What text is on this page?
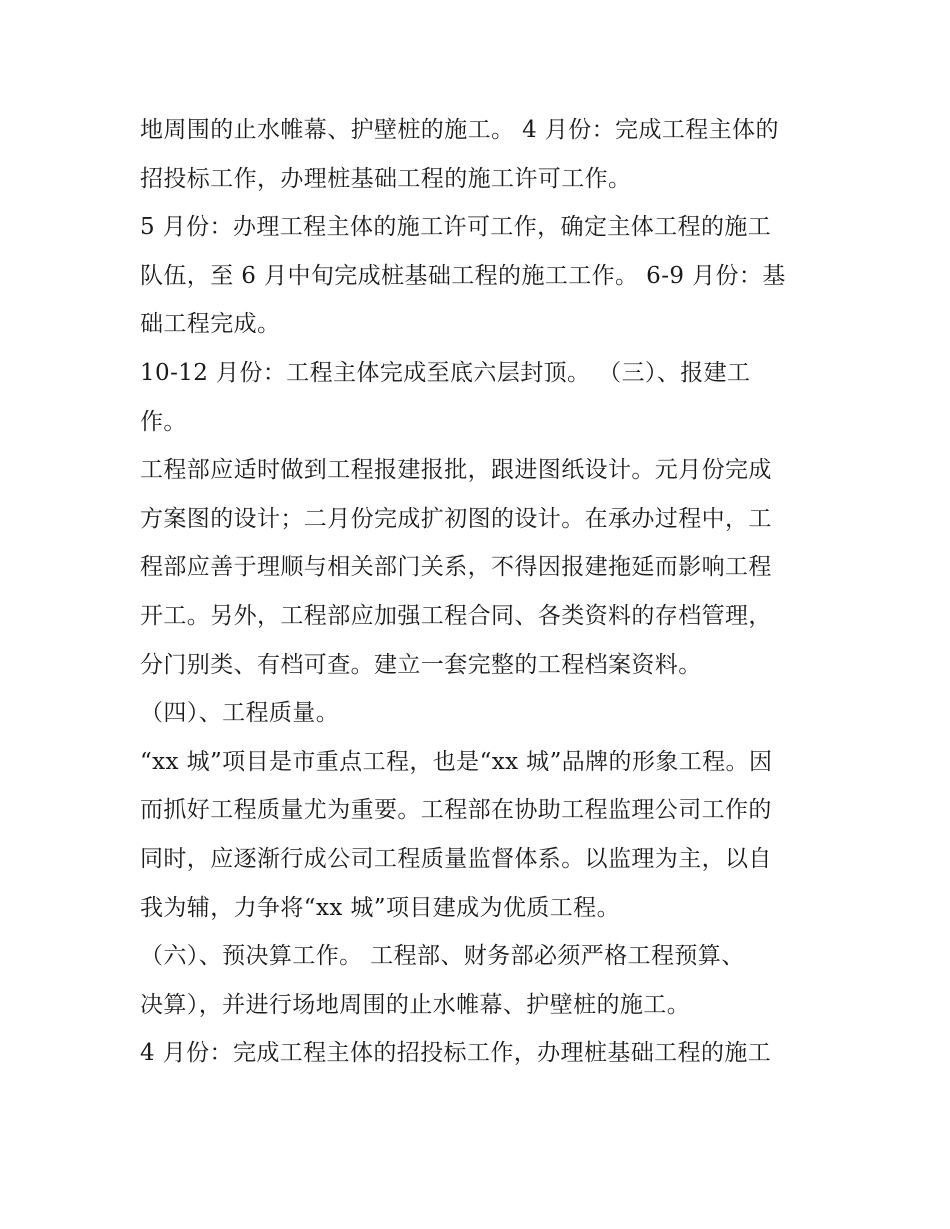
地周围的止水帷幕、护壁桩的施工。 4 月份：完成工程主体的
招投标工作，办理桩基础工程的施工许可工作。
5 月份：办理工程主体的施工许可工作，确定主体工程的施工
队伍，至 6 月中旬完成桩基础工程的施工工作。 6-9 月份：基
础工程完成。
10-12 月份：工程主体完成至底六层封顶。 （三）、报建工
作。
工程部应适时做到工程报建报批，跟进图纸设计。元月份完成
方案图的设计；二月份完成扩初图的设计。在承办过程中，工
程部应善于理顺与相关部门关系，不得因报建拖延而影响工程
开工。另外，工程部应加强工程合同、各类资料的存档管理，
分门别类、有档可查。建立一套完整的工程档案资料。
（四）、工程质量。
“xx 城”项目是市重点工程，也是“xx 城”品牌的形象工程。因
而抓好工程质量尤为重要。工程部在协助工程监理公司工作的
同时，应逐渐行成公司工程质量监督体系。以监理为主，以自
我为辅，力争将“xx 城”项目建成为优质工程。
（六）、预决算工作。 工程部、财务部必须严格工程预算、
决算），并进行场地周围的止水帷幕、护壁桩的施工。
4 月份：完成工程主体的招投标工作，办理桩基础工程的施工
